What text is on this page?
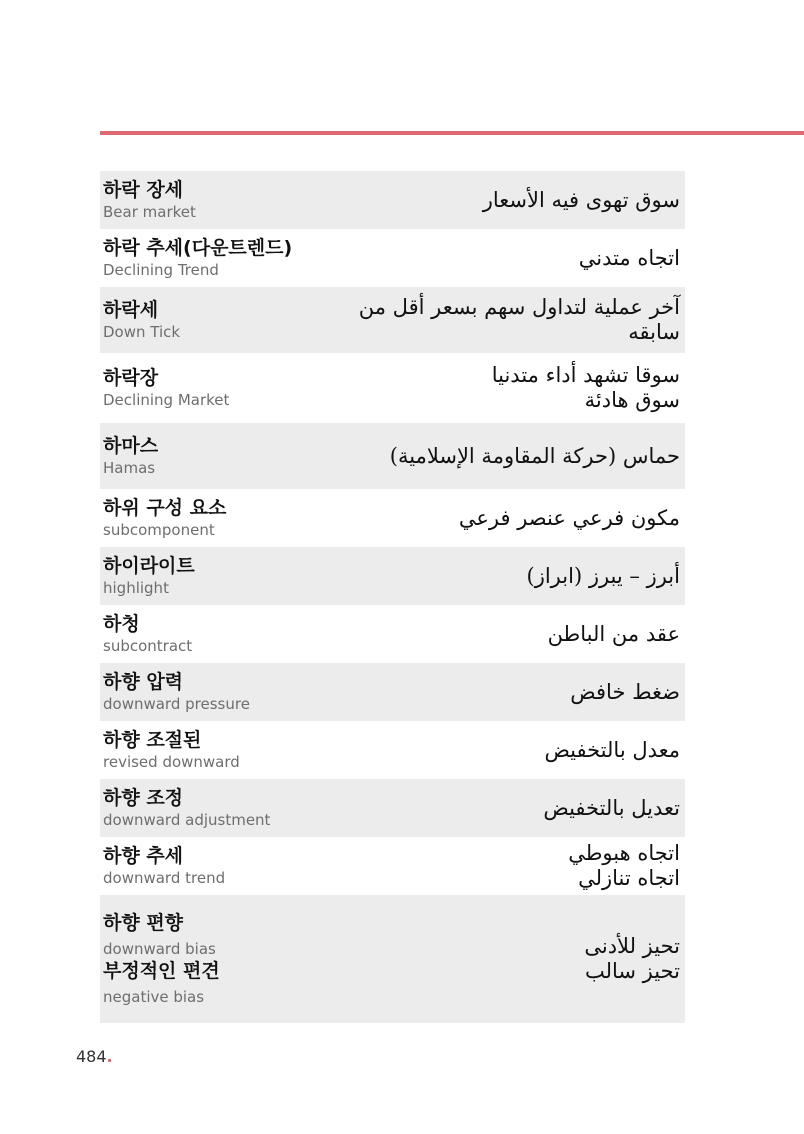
하락 장세
Bear market
سوق تهوى فيه الأسعار
하락 추세(다운트렌드)
Declining Trend
اتجاه متدني
하락세
Down Tick
آخر عملية لتداول سهم بسعر أقل من
سابقه
하락장
Declining Market
سوقا تشهد أداء متدنيا
سوق هادئة
하마스
Hamas
حماس (حركة المقاومة الإسلامية)
하위 구성 요소
subcomponent
مكون فرعي عنصر فرعي
하이라이트
highlight
أبرز – يبرز (ابراز)
하청
subcontract
عقد من الباطن
하향 압력
downward pressure
ضغط خافض
하향 조절된
revised downward
معدل بالتخفيض
하향 조정
downward adjustment
تعديل بالتخفيض
하향 추세
downward trend
اتجاه هبوطي
اتجاه تنازلي
하향 편향
downward bias
부정적인 편견
negative bias
تحيز للأدنى
تحيز سالب
484.
